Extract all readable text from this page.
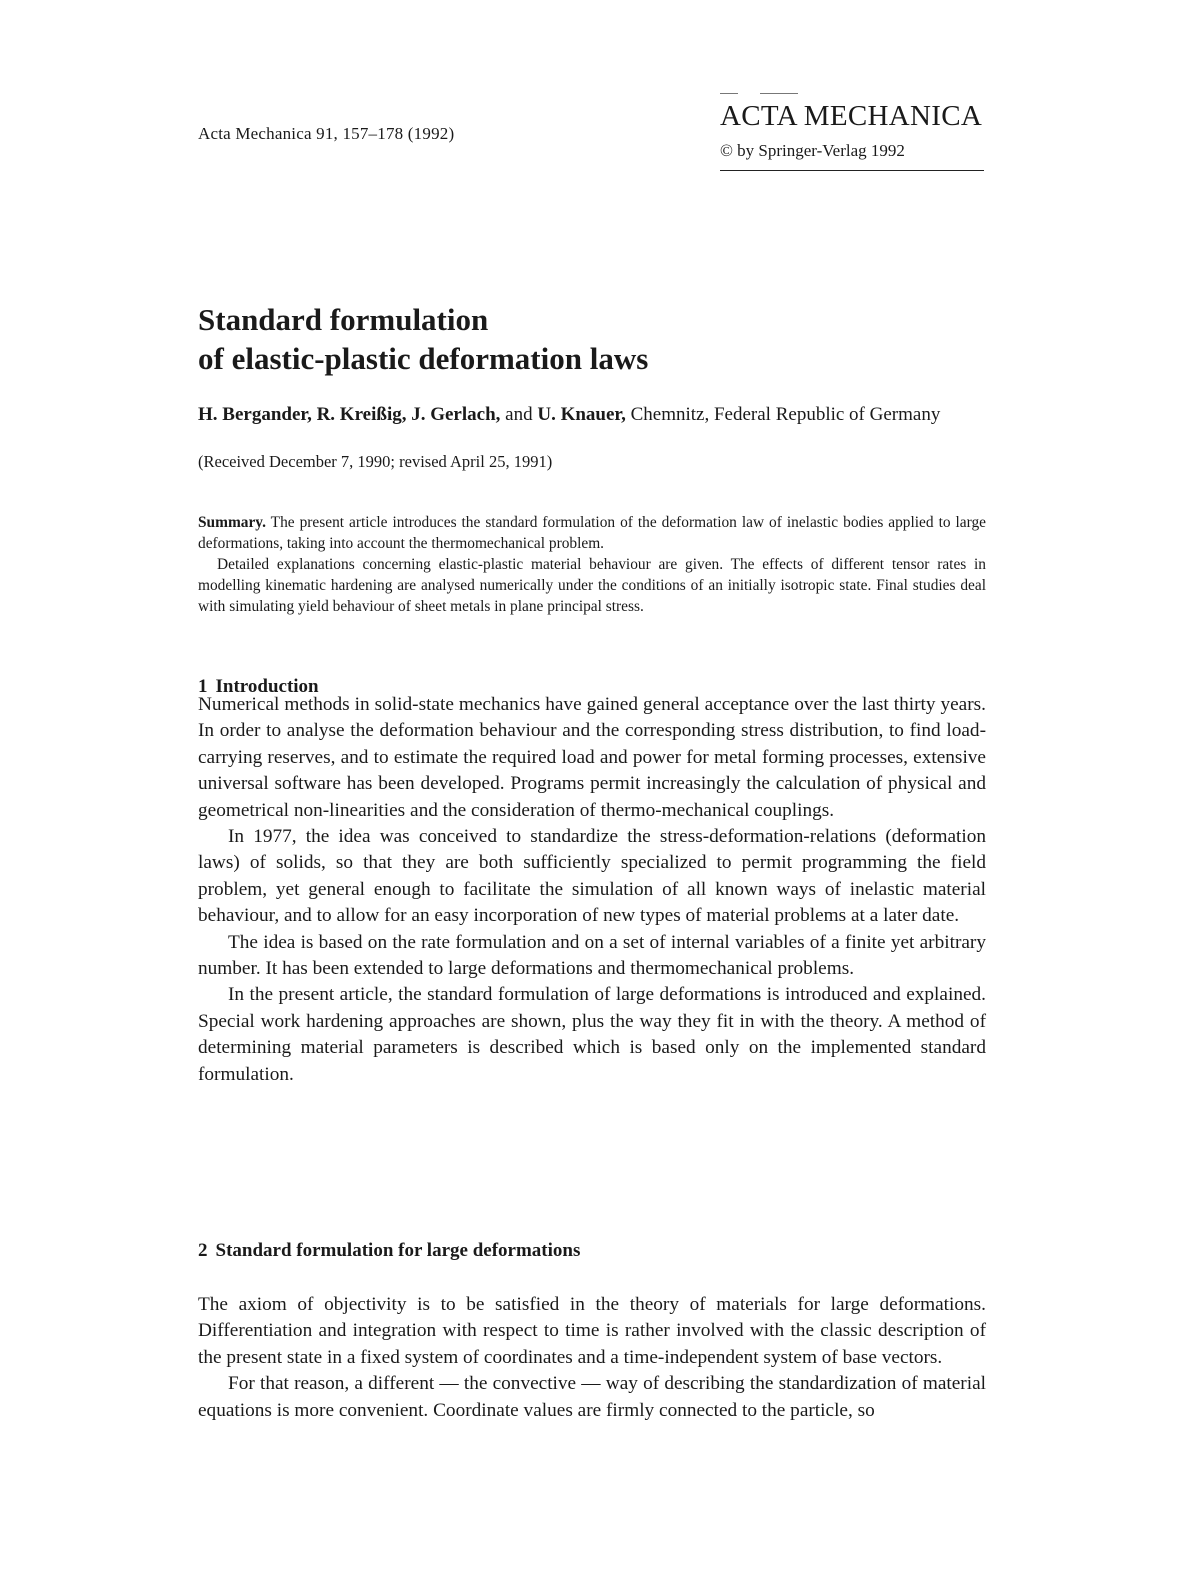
Acta Mechanica 91, 157–178 (1992)
ACTA MECHANICA
© by Springer-Verlag 1992
Standard formulation
of elastic-plastic deformation laws
H. Bergander, R. Kreißig, J. Gerlach, and U. Knauer, Chemnitz, Federal Republic of Germany
(Received December 7, 1990; revised April 25, 1991)

Summary. The present article introduces the standard formulation of the deformation law of inelastic bodies applied to large deformations, taking into account the thermomechanical problem.

Detailed explanations concerning elastic-plastic material behaviour are given. The effects of different tensor rates in modelling kinematic hardening are analysed numerically under the conditions of an initially isotropic state. Final studies deal with simulating yield behaviour of sheet metals in plane principal stress.

1 Introduction

Numerical methods in solid-state mechanics have gained general acceptance over the last thirty years. In order to analyse the deformation behaviour and the corresponding stress distribution, to find load-carrying reserves, and to estimate the required load and power for metal forming processes, extensive universal software has been developed. Programs permit increasingly the calculation of physical and geometrical non-linearities and the consideration of thermo-mechanical couplings.

In 1977, the idea was conceived to standardize the stress-deformation-relations (deformation laws) of solids, so that they are both sufficiently specialized to permit programming the field problem, yet general enough to facilitate the simulation of all known ways of inelastic material behaviour, and to allow for an easy incorporation of new types of material problems at a later date.

The idea is based on the rate formulation and on a set of internal variables of a finite yet arbitrary number. It has been extended to large deformations and thermomechanical problems.

In the present article, the standard formulation of large deformations is introduced and explained. Special work hardening approaches are shown, plus the way they fit in with the theory. A method of determining material parameters is described which is based only on the implemented standard formulation.

2 Standard formulation for large deformations

The axiom of objectivity is to be satisfied in the theory of materials for large deformations. Differentiation and integration with respect to time is rather involved with the classic description of the present state in a fixed system of coordinates and a time-independent system of base vectors.

For that reason, a different — the convective — way of describing the standardization of material equations is more convenient. Coordinate values are firmly connected to the particle, so
